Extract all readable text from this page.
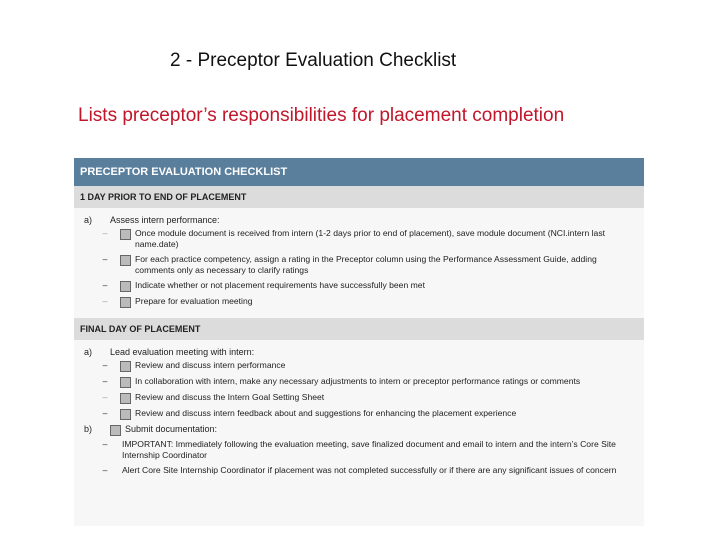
2 - Preceptor Evaluation Checklist
Lists preceptor’s responsibilities for placement completion
PRECEPTOR EVALUATION CHECKLIST
1 DAY PRIOR TO END OF PLACEMENT
a)	Assess intern performance:
–	Once module document is received from intern (1-2 days prior to end of placement), save module document (NCI.intern last name.date)
–	For each practice competency, assign a rating in the Preceptor column using the Performance Assessment Guide, adding comments only as necessary to clarify ratings
–	Indicate whether or not placement requirements have successfully been met
–	Prepare for evaluation meeting
FINAL DAY OF PLACEMENT
a)	Lead evaluation meeting with intern:
–	Review and discuss intern performance
–	In collaboration with intern, make any necessary adjustments to intern or preceptor performance ratings or comments
–	Review and discuss the Intern Goal Setting Sheet
–	Review and discuss intern feedback about and suggestions for enhancing the placement experience
b)	Submit documentation:
–	IMPORTANT: Immediately following the evaluation meeting, save finalized document and email to intern and the intern’s Core Site Internship Coordinator
–	Alert Core Site Internship Coordinator if placement was not completed successfully or if there are any significant issues of concern
